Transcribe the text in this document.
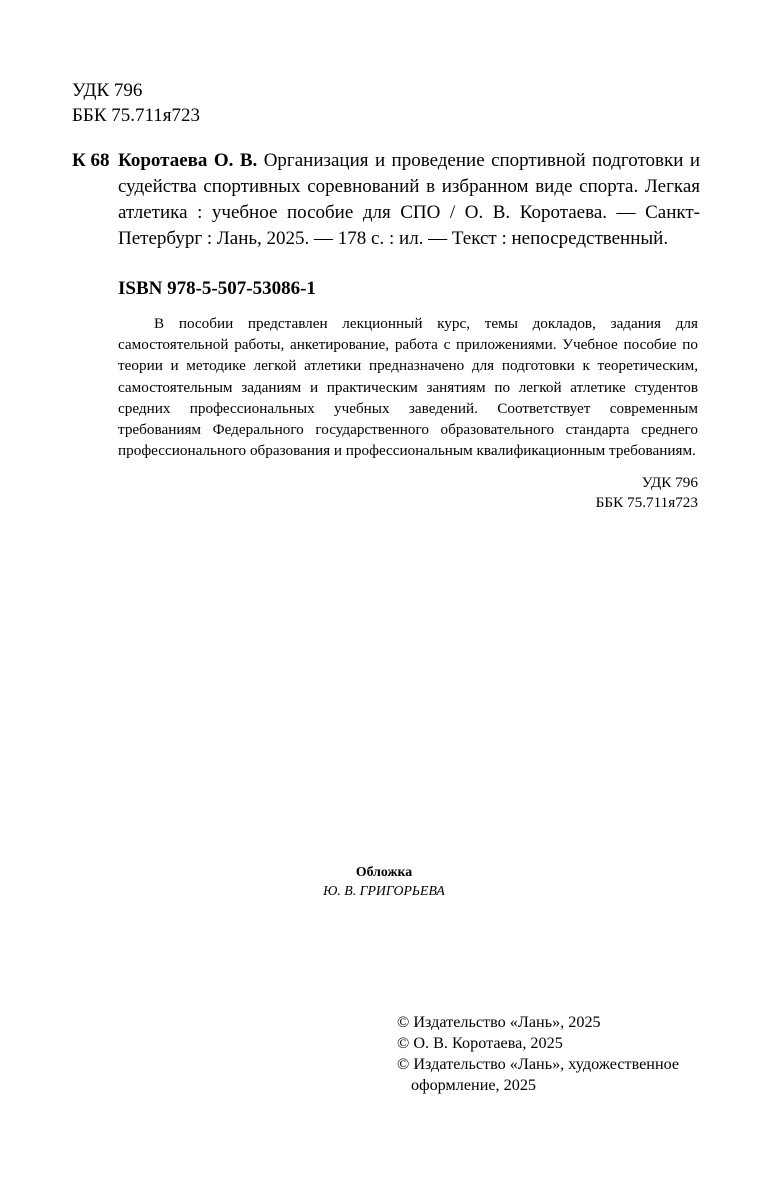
УДК 796
ББК 75.711я723
К 68 Коротаева О. В. Организация и проведение спортивной подготовки и судейства спортивных соревнований в избранном виде спорта. Легкая атлетика : учебное пособие для СПО / О. В. Коротаева. — Санкт-Петербург : Лань, 2025. — 178 с. : ил. — Текст : непосредственный.
ISBN 978-5-507-53086-1

В пособии представлен лекционный курс, темы докладов, задания для самостоятельной работы, анкетирование, работа с приложениями. Учебное пособие по теории и методике легкой атлетики предназначено для подготовки к теоретическим, самостоятельным заданиям и практическим занятиям по легкой атлетике студентов средних профессиональных учебных заведений. Соответствует современным требованиям Федерального государственного образовательного стандарта среднего профессионального образования и профессиональным квалификационным требованиям.

УДК 796
ББК 75.711я723
Обложка
Ю. В. ГРИГОРЬЕВА
© Издательство «Лань», 2025
© О. В. Коротаева, 2025
© Издательство «Лань», художественное
оформление, 2025
